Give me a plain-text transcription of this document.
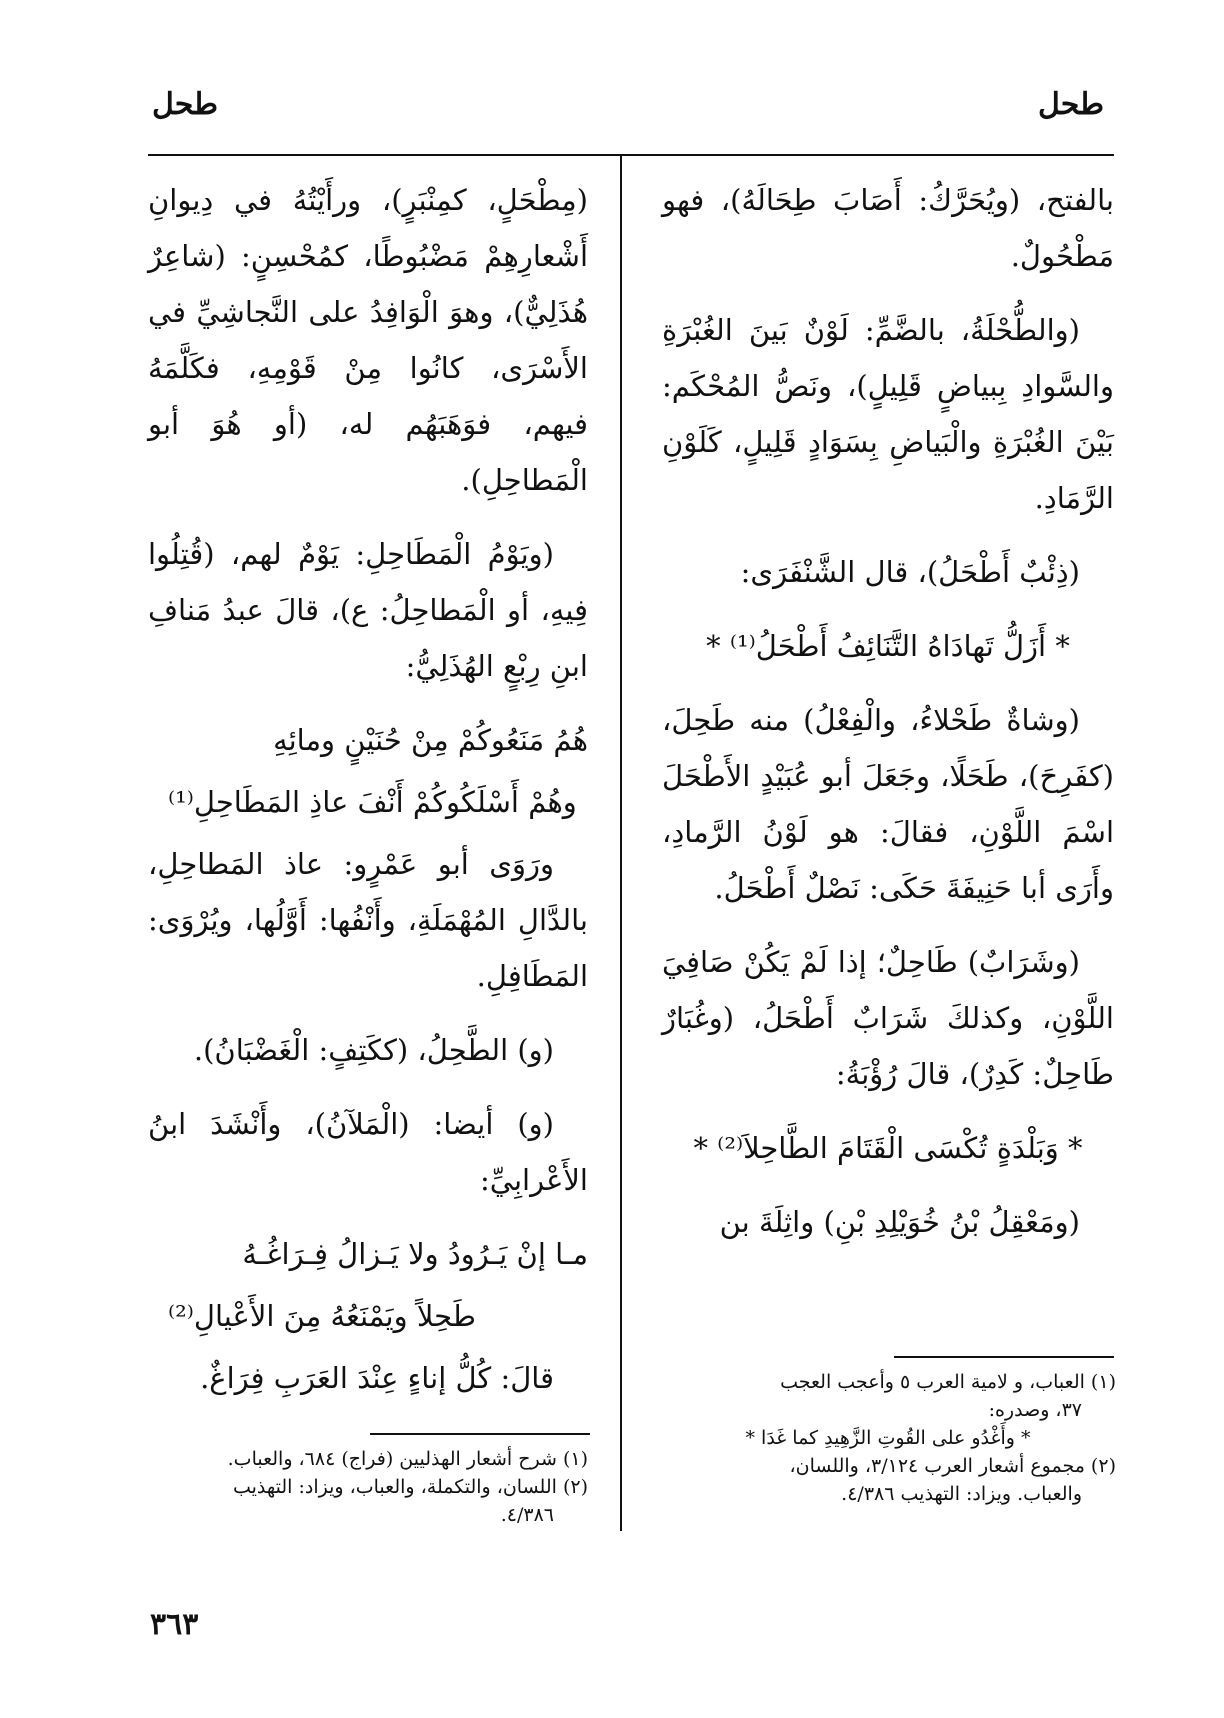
طحل	طحل

بالفتح، (ويُحَرَّكُ: أَصَابَ طِحَالَهُ)، فهو مَطْحُولٌ.

(والطُّحْلَةُ، بالضَّمِّ: لَوْنٌ بَينَ الغُبْرَةِ والسَّوادِ بِبياضٍ قَلِيلٍ)، ونَصُّ المُحْكَم: بَيْنَ الغُبْرَةِ والْبَياضِ بِسَوَادٍ قَلِيلٍ، كَلَوْنِ الرَّمَادِ.

(ذِئْبٌ أَطْحَلُ)، قال الشَّنْفَرَى:

* أَزَلُّ تَهادَاهُ التَّنَائِفُ أَطْحَلُ⁽¹⁾ *

(وشاةٌ طَحْلاءُ، والْفِعْلُ) منه طَحِلَ، (كفَرِحَ)، طَحَلًا، وجَعَلَ أبو عُبَيْدٍ الأَطْحَلَ اسْمَ اللَّوْنِ، فقالَ: هو لَوْنُ الرَّمادِ، وأَرَى أبا حَنِيفَةَ حَكَى: نَصْلٌ أَطْحَلُ.

(وشَرَابٌ) طَاحِلٌ؛ إذا لَمْ يَكُنْ صَافِيَ اللَّوْنِ، وكذلكَ شَرَابٌ أَطْحَلُ، (وغُبَارٌ طَاحِلٌ: كَدِرٌ)، قالَ رُؤْبَةُ:

* وَبَلْدَةٍ تُكْسَى الْقَتَامَ الطَّاحِلاَ⁽²⁾ *

(ومَعْقِلُ بْنُ خُوَيْلِدِ بْنِ) واثِلَةَ بن

(مِطْحَلٍ، كمِنْبَرٍ)، ورأَيْتُهُ في دِيوانِ أَشْعارِهِمْ مَضْبُوطًا، كمُحْسِنٍ: (شاعِرٌ هُذَلِيٌّ)، وهوَ الْوَافِدُ على النَّجاشِيِّ في الأَسْرَى، كانُوا مِنْ قَوْمِهِ، فكَلَّمَهُ فيهم، فوَهَبَهُم له، (أو هُوَ أبو الْمَطاحِلِ).

(ويَوْمُ الْمَطَاحِلِ: يَوْمٌ لهم، (قُتِلُوا فِيهِ، أو الْمَطاحِلُ: ع)، قالَ عبدُ مَنافِ ابنِ رِبْعٍ الهُذَلِيُّ:

هُمُ مَنَعُوكُمْ مِنْ حُنَيْنٍ ومائِهِ

وهُمْ أَسْلَكُوكُمْ أَنْفَ عاذِ المَطَاحِلِ⁽¹⁾

ورَوَى أبو عَمْرٍو: عاذ المَطاحِلِ، بالدَّالِ المُهْمَلَةِ، وأَنْفُها: أَوَّلُها، ويُرْوَى: المَطَافِلِ.

(و) الطَّحِلُ، (ككَتِفٍ: الْغَضْبَانُ).

(و) أيضا: (الْمَلآنُ)، وأَنْشَدَ ابنُ الأَعْرابِيِّ:

مـا إنْ يَـرُودُ ولا يَـزالُ فِـرَاغُـهُ

طَحِلاً ويَمْنَعُهُ مِنَ الأَعْيالِ⁽²⁾

قالَ: كُلُّ إناءٍ عِنْدَ العَرَبِ فِرَاغٌ.	(١) العباب، و لامية العرب ٥ وأعجب العجب
٣٧، وصدره:
* وأَغْدُو على القُوتِ الزَّهِيدِ كما غَدَا *
(٢) مجموع أشعار العرب ٣/١٢٤، واللسان،
والعباب. ويزاد: التهذيب ٤/٣٨٦.
(١) شرح أشعار الهذليين (فراج) ٦٨٤، والعباب.
(٢) اللسان، والتكملة، والعباب، ويزاد: التهذيب
٤/٣٨٦.
٣٦٣
